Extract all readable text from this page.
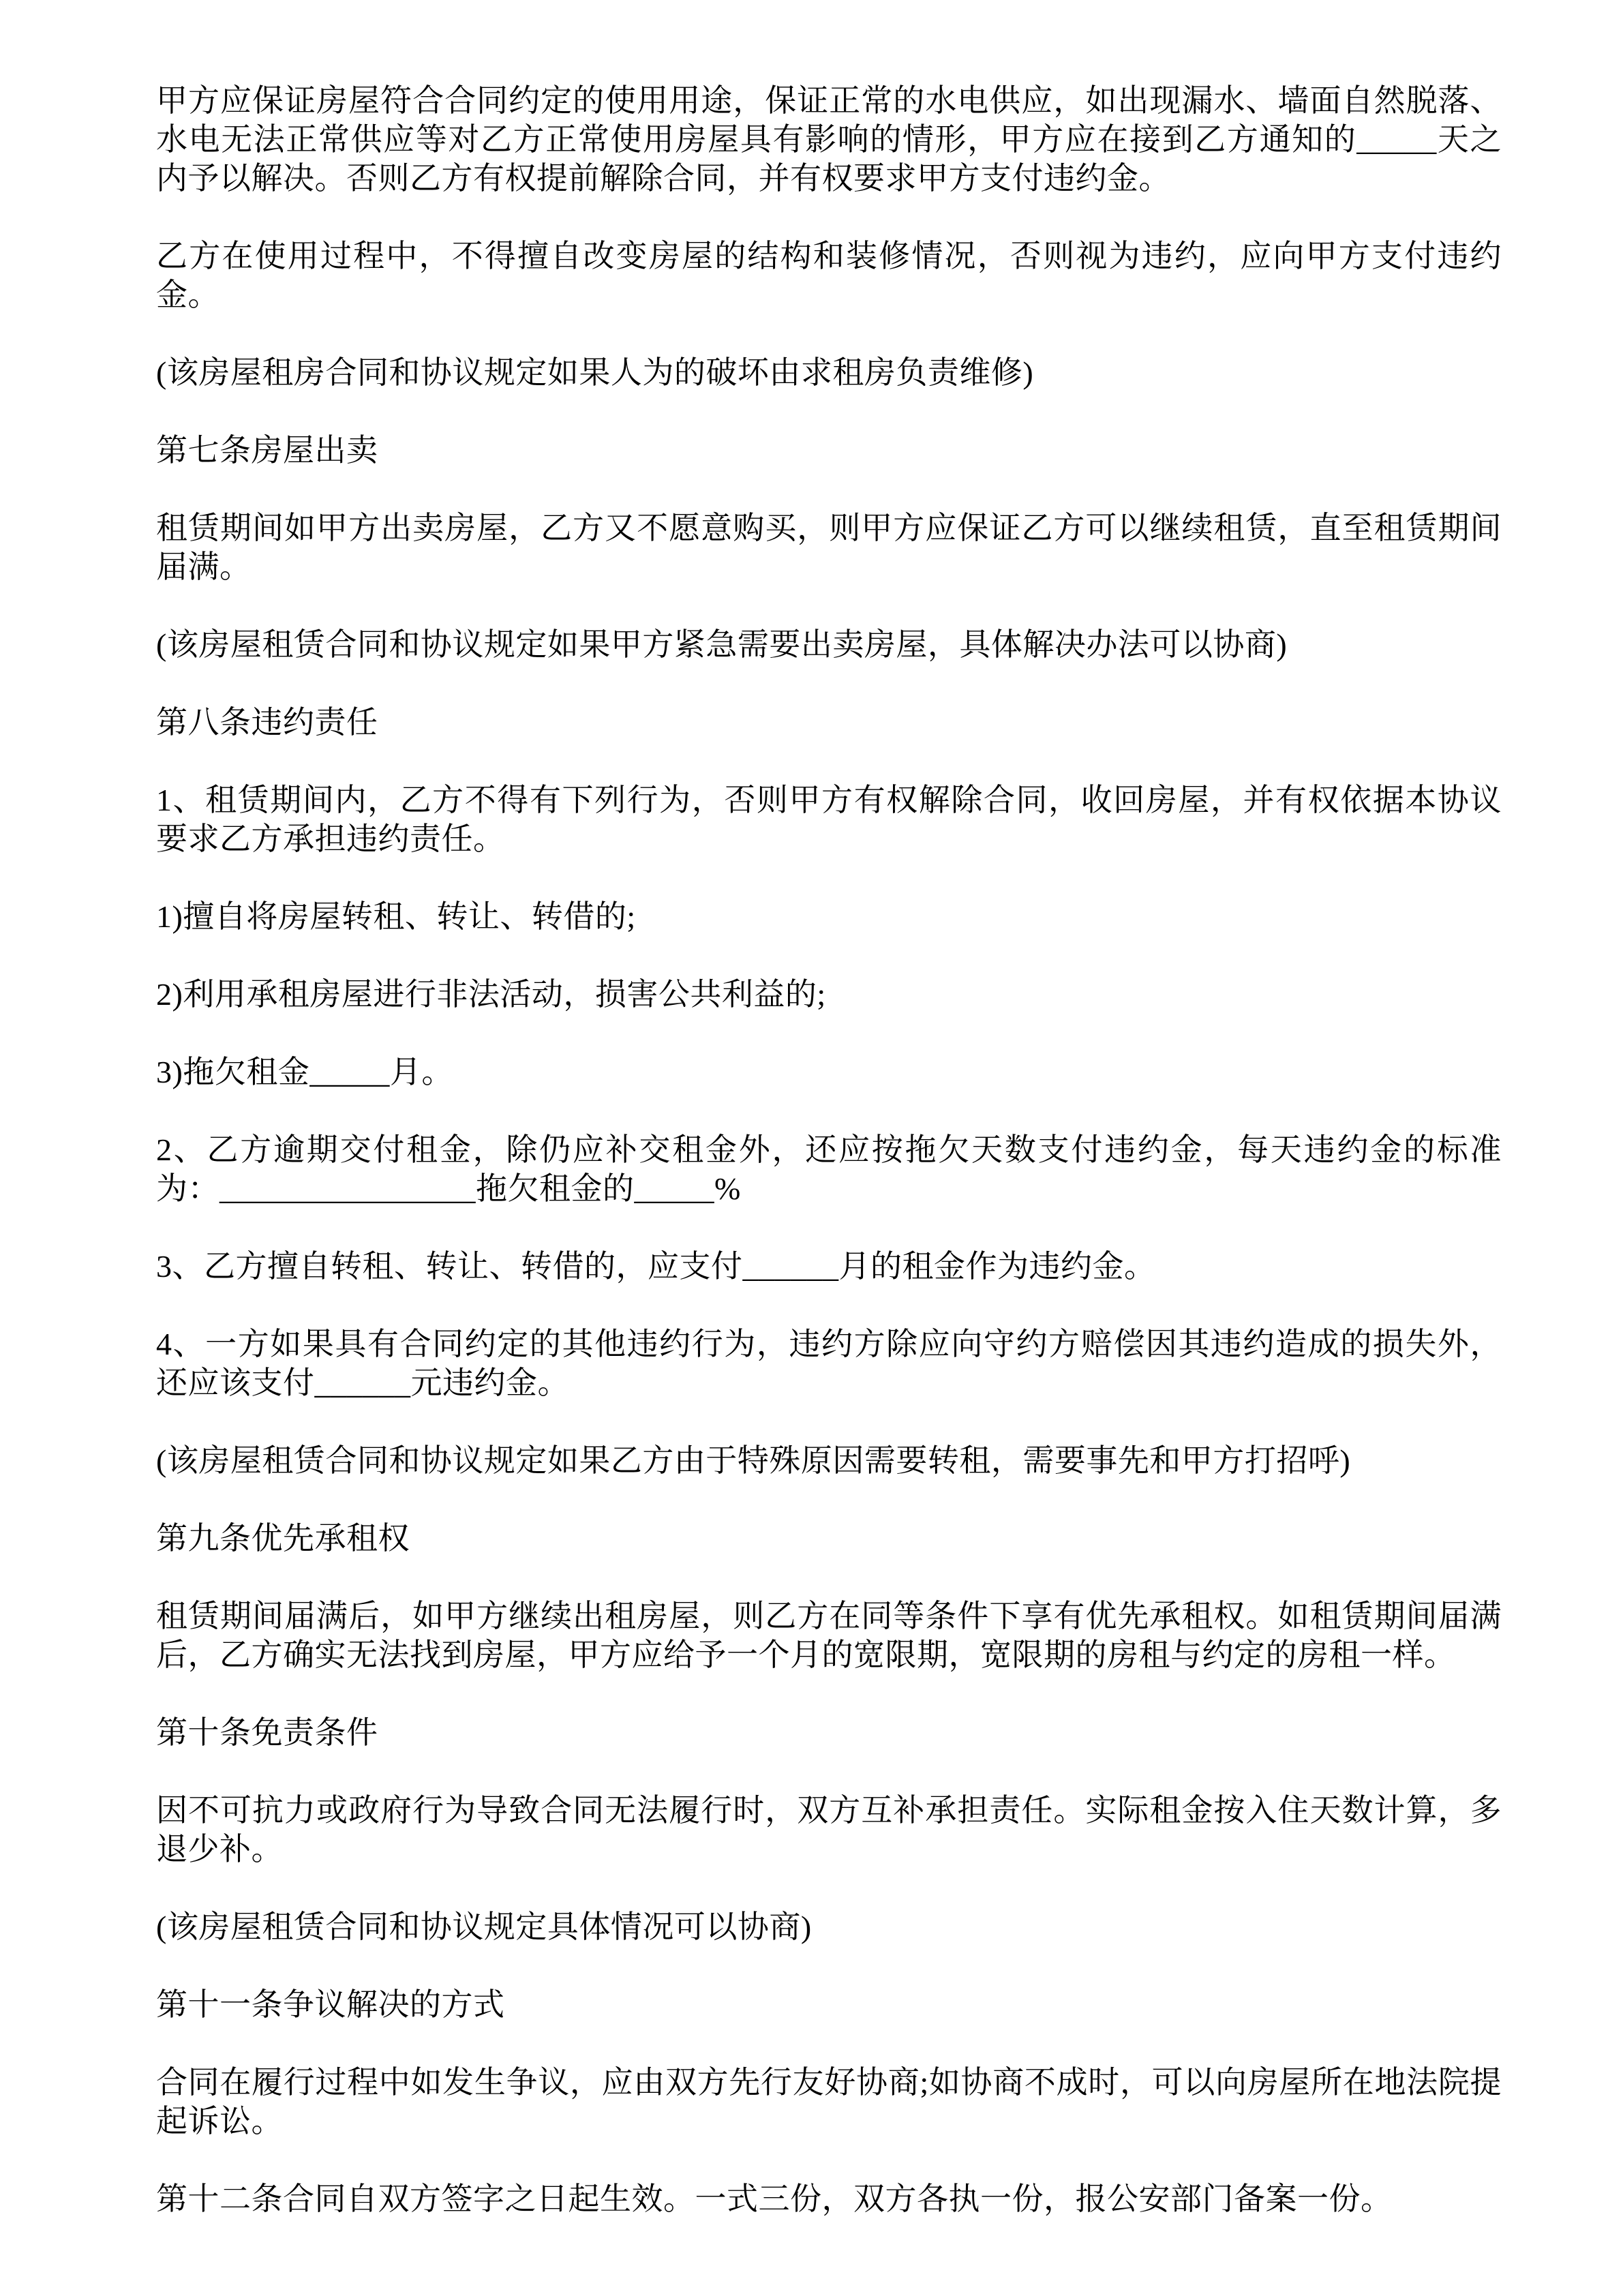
甲方应保证房屋符合合同约定的使用用途，保证正常的水电供应，如出现漏水、墙面自然脱落、水电无法正常供应等对乙方正常使用房屋具有影响的情形，甲方应在接到乙方通知的_____天之内予以解决。否则乙方有权提前解除合同，并有权要求甲方支付违约金。

乙方在使用过程中，不得擅自改变房屋的结构和装修情况，否则视为违约，应向甲方支付违约金。

(该房屋租房合同和协议规定如果人为的破坏由求租房负责维修)

第七条房屋出卖

租赁期间如甲方出卖房屋，乙方又不愿意购买，则甲方应保证乙方可以继续租赁，直至租赁期间届满。

(该房屋租赁合同和协议规定如果甲方紧急需要出卖房屋，具体解决办法可以协商)

第八条违约责任

1、租赁期间内，乙方不得有下列行为，否则甲方有权解除合同，收回房屋，并有权依据本协议要求乙方承担违约责任。

1)擅自将房屋转租、转让、转借的;

2)利用承租房屋进行非法活动，损害公共利益的;

3)拖欠租金_____月。

2、乙方逾期交付租金，除仍应补交租金外，还应按拖欠天数支付违约金，每天违约金的标准为：________________拖欠租金的_____%

3、乙方擅自转租、转让、转借的，应支付______月的租金作为违约金。

4、一方如果具有合同约定的其他违约行为，违约方除应向守约方赔偿因其违约造成的损失外，还应该支付______元违约金。

(该房屋租赁合同和协议规定如果乙方由于特殊原因需要转租，需要事先和甲方打招呼)

第九条优先承租权

租赁期间届满后，如甲方继续出租房屋，则乙方在同等条件下享有优先承租权。如租赁期间届满后，乙方确实无法找到房屋，甲方应给予一个月的宽限期，宽限期的房租与约定的房租一样。

第十条免责条件

因不可抗力或政府行为导致合同无法履行时，双方互补承担责任。实际租金按入住天数计算，多退少补。

(该房屋租赁合同和协议规定具体情况可以协商)

第十一条争议解决的方式

合同在履行过程中如发生争议，应由双方先行友好协商;如协商不成时，可以向房屋所在地法院提起诉讼。

第十二条合同自双方签字之日起生效。一式三份，双方各执一份，报公安部门备案一份。
